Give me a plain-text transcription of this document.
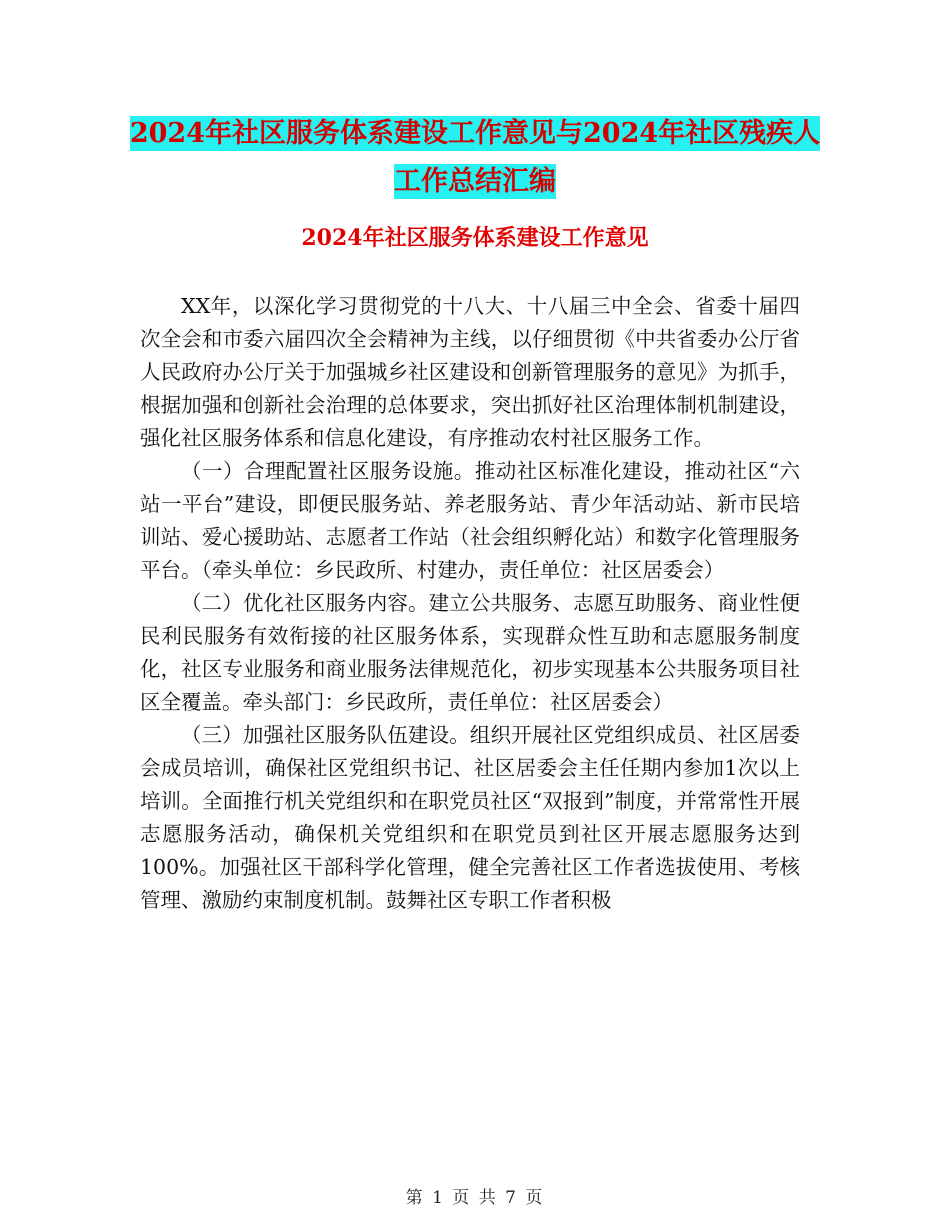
2024年社区服务体系建设工作意见与2024年社区残疾人工作总结汇编
2024年社区服务体系建设工作意见

XX年，以深化学习贯彻党的十八大、十八届三中全会、省委十届四次全会和市委六届四次全会精神为主线，以仔细贯彻《中共省委办公厅省人民政府办公厅关于加强城乡社区建设和创新管理服务的意见》为抓手，根据加强和创新社会治理的总体要求，突出抓好社区治理体制机制建设，强化社区服务体系和信息化建设，有序推动农村社区服务工作。

（一）合理配置社区服务设施。推动社区标准化建设，推动社区“六站一平台”建设，即便民服务站、养老服务站、青少年活动站、新市民培训站、爱心援助站、志愿者工作站（社会组织孵化站）和数字化管理服务平台。（牵头单位：乡民政所、村建办，责任单位：社区居委会）

（二）优化社区服务内容。建立公共服务、志愿互助服务、商业性便民利民服务有效衔接的社区服务体系，实现群众性互助和志愿服务制度化，社区专业服务和商业服务法律规范化，初步实现基本公共服务项目社区全覆盖。牵头部门：乡民政所，责任单位：社区居委会）

（三）加强社区服务队伍建设。组织开展社区党组织成员、社区居委会成员培训，确保社区党组织书记、社区居委会主任任期内参加1次以上培训。全面推行机关党组织和在职党员社区“双报到”制度，并常常性开展志愿服务活动，确保机关党组织和在职党员到社区开展志愿服务达到100%。加强社区干部科学化管理，健全完善社区工作者选拔使用、考核管理、激励约束制度机制。鼓舞社区专职工作者积极

第 1 页 共 7 页
